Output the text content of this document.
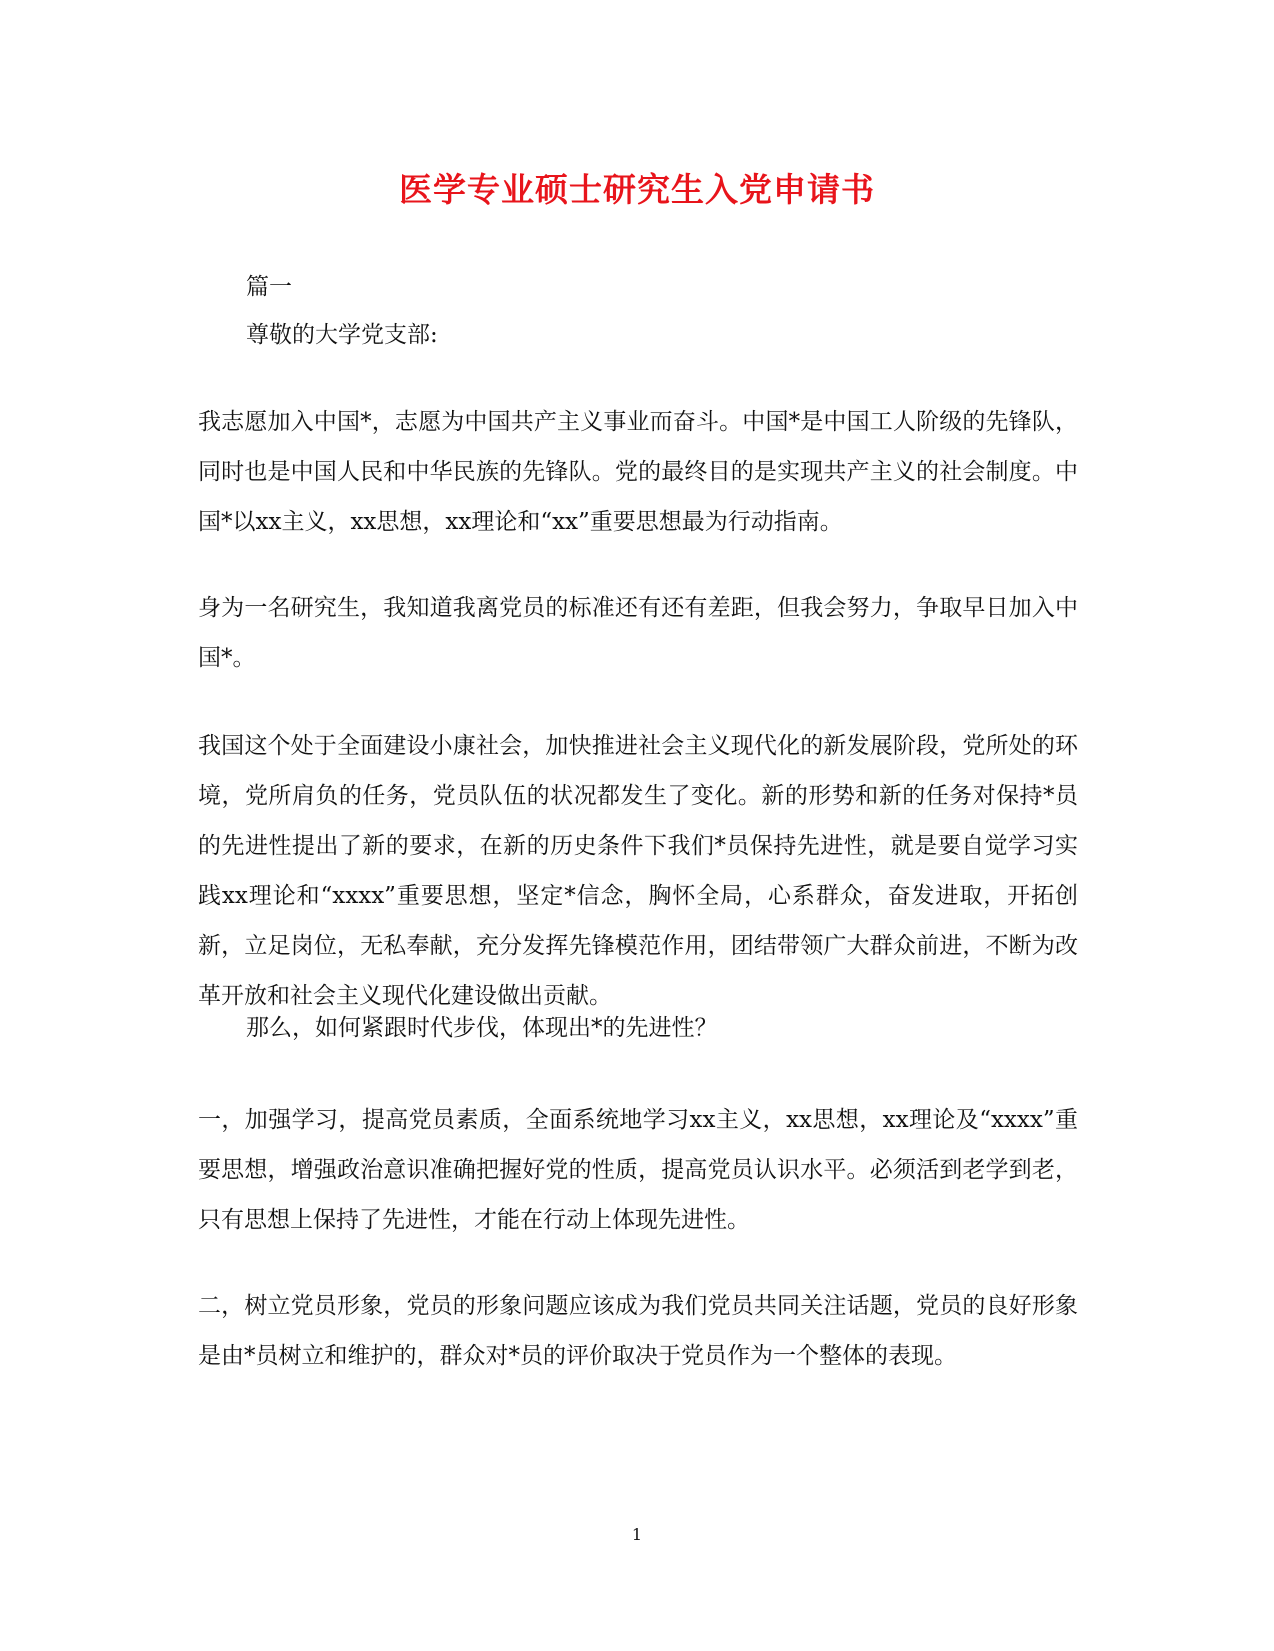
医学专业硕士研究生入党申请书

篇一

尊敬的大学党支部:

我志愿加入中国*，志愿为中国共产主义事业而奋斗。中国*是中国工人阶级的先锋队，同时也是中国人民和中华民族的先锋队。党的最终目的是实现共产主义的社会制度。中国*以xx主义，xx思想，xx理论和“xx”重要思想最为行动指南。

身为一名研究生，我知道我离党员的标准还有还有差距，但我会努力，争取早日加入中国*。

我国这个处于全面建设小康社会，加快推进社会主义现代化的新发展阶段，党所处的环境，党所肩负的任务，党员队伍的状况都发生了变化。新的形势和新的任务对保持*员的先进性提出了新的要求，在新的历史条件下我们*员保持先进性，就是要自觉学习实践xx理论和“xxxx”重要思想，坚定*信念，胸怀全局，心系群众，奋发进取，开拓创新，立足岗位，无私奉献，充分发挥先锋模范作用，团结带领广大群众前进，不断为改革开放和社会主义现代化建设做出贡献。

那么，如何紧跟时代步伐，体现出*的先进性？

一，加强学习，提高党员素质，全面系统地学习xx主义，xx思想，xx理论及“xxxx”重要思想，增强政治意识准确把握好党的性质，提高党员认识水平。必须活到老学到老，只有思想上保持了先进性，才能在行动上体现先进性。

二，树立党员形象，党员的形象问题应该成为我们党员共同关注话题，党员的良好形象是由*员树立和维护的，群众对*员的评价取决于党员作为一个整体的表现。

1
